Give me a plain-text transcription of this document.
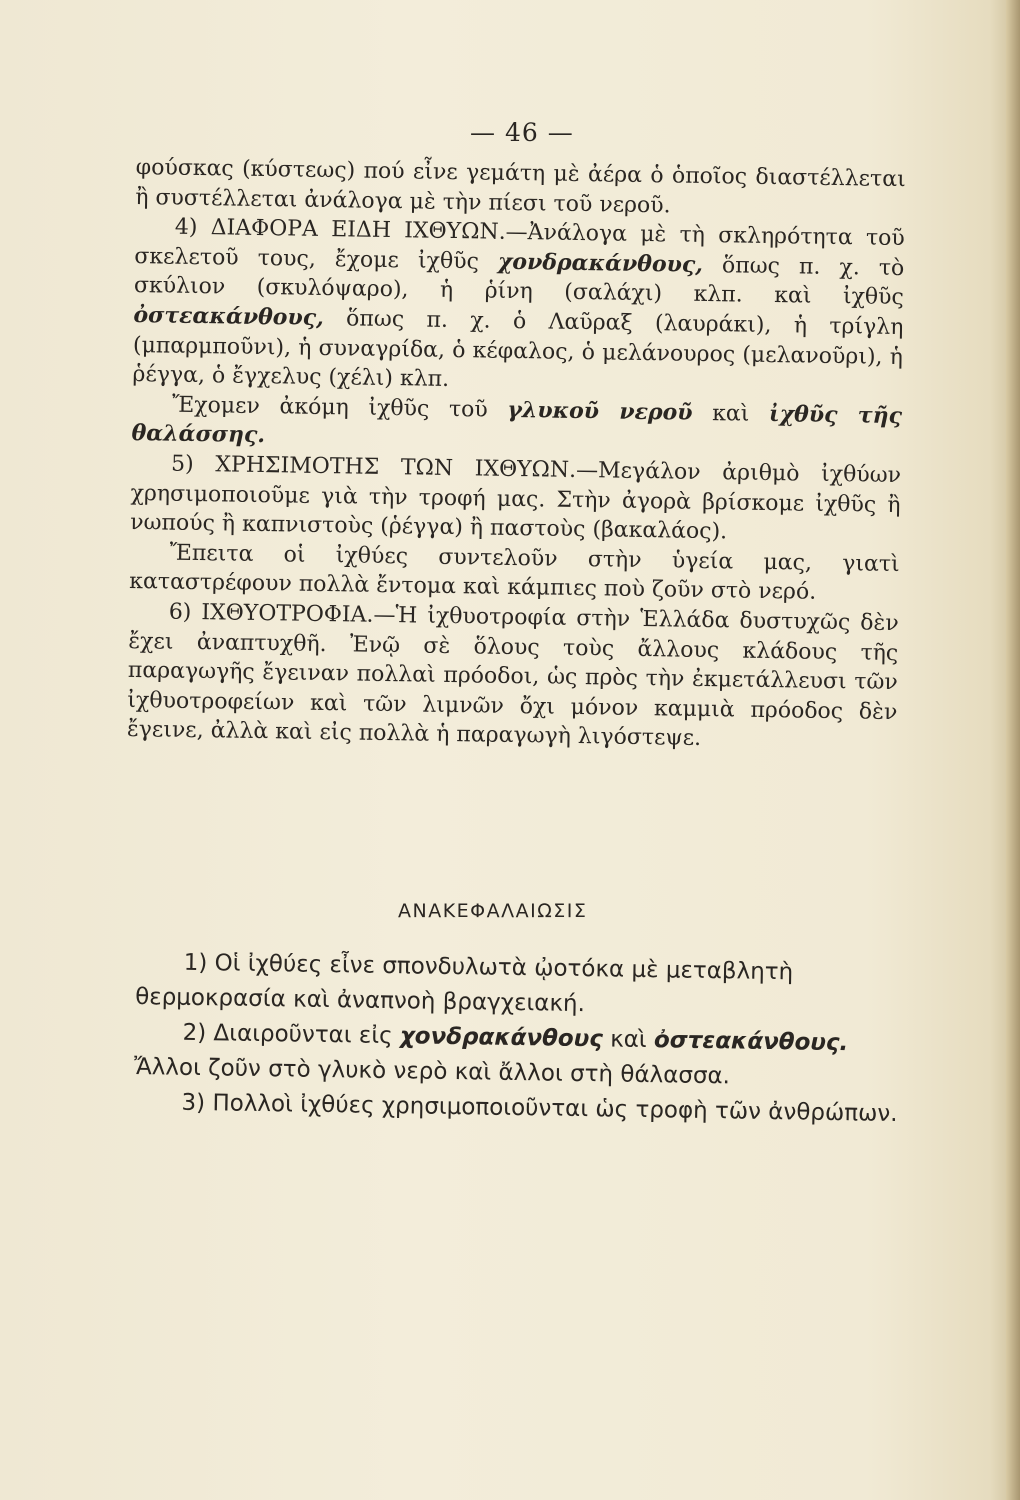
— 46 —

φούσκας (κύστεως) πού εἶνε γεμάτη μὲ ἀέρα ὁ ὁποῖος διαστέλλεται ἢ συστέλλεται ἀνάλογα μὲ τὴν πίεσι τοῦ νεροῦ.

4) ΔΙΑΦΟΡΑ ΕΙΔΗ ΙΧΘΥΩΝ.—Ἀνάλογα μὲ τὴ σκληρότητα τοῦ σκελετοῦ τους, ἔχομε ἰχθῦς χονδρακάνθους, ὅπως π. χ. τὸ σκύλιον (σκυλόψαρο), ἡ ῥίνη (σαλάχι) κλπ. καὶ ἰχθῦς ὀστεακάνθους, ὅπως π. χ. ὁ Λαῦραξ (λαυράκι), ἡ τρίγλη (μπαρμποῦνι), ἡ συναγρίδα, ὁ κέφαλος, ὁ μελάνουρος (μελανοῦρι), ἡ ῥέγγα, ὁ ἔγχελυς (χέλι) κλπ.

Ἔχομεν ἀκόμη ἰχθῦς τοῦ γλυκοῦ νεροῦ καὶ ἰχθῦς τῆς θαλάσσης.

5) ΧΡΗΣΙΜΟΤΗΣ ΤΩΝ ΙΧΘΥΩΝ.—Μεγάλον ἀριθμὸ ἰχθύων χρησιμοποιοῦμε γιὰ τὴν τροφή μας. Στὴν ἀγορὰ βρίσκομε ἰχθῦς ἢ νωπούς ἢ καπνιστοὺς (ῥέγγα) ἢ παστοὺς (βακαλάος).

Ἔπειτα οἱ ἰχθύες συντελοῦν στὴν ὑγεία μας, γιατὶ καταστρέφουν πολλὰ ἔντομα καὶ κάμπιες ποὺ ζοῦν στὸ νερό.

6) ΙΧΘΥΟΤΡΟΦΙΑ.—Ἡ ἰχθυοτροφία στὴν Ἑλλάδα δυστυχῶς δὲν ἔχει ἀναπτυχθῆ. Ἐνῷ σὲ ὅλους τοὺς ἄλλους κλάδους τῆς παραγωγῆς ἔγειναν πολλαὶ πρόοδοι, ὡς πρὸς τὴν ἐκμετάλλευσι τῶν ἰχθυοτροφείων καὶ τῶν λιμνῶν ὄχι μόνον καμμιὰ πρόοδος δὲν ἔγεινε, ἀλλὰ καὶ εἰς πολλὰ ἡ παραγωγὴ λιγόστεψε.

ΑΝΑΚΕΦΑΛΑΙΩΣΙΣ

1) Οἱ ἰχθύες εἶνε σπονδυλωτὰ ᾠοτόκα μὲ μεταβλητὴ θερμοκρασία καὶ ἀναπνοὴ βραγχειακή.

2) Διαιροῦνται εἰς χονδρακάνθους καὶ ὀστεακάνθους. Ἄλλοι ζοῦν στὸ γλυκὸ νερὸ καὶ ἄλλοι στὴ θάλασσα.

3) Πολλοὶ ἰχθύες χρησιμοποιοῦνται ὡς τροφὴ τῶν ἀνθρώπων.
